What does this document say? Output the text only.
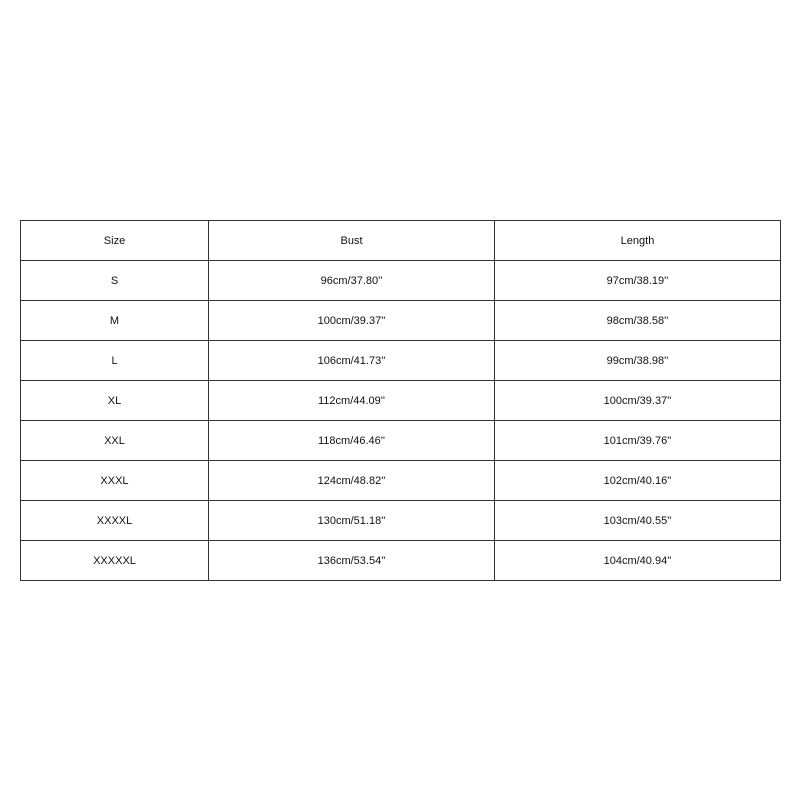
Size	Bust	Length
S	96cm/37.80''	97cm/38.19''
M	100cm/39.37''	98cm/38.58''
L	106cm/41.73''	99cm/38.98''
XL	112cm/44.09''	100cm/39.37''
XXL	118cm/46.46''	101cm/39.76''
XXXL	124cm/48.82''	102cm/40.16''
XXXXL	130cm/51.18''	103cm/40.55''
XXXXXL	136cm/53.54''	104cm/40.94''
